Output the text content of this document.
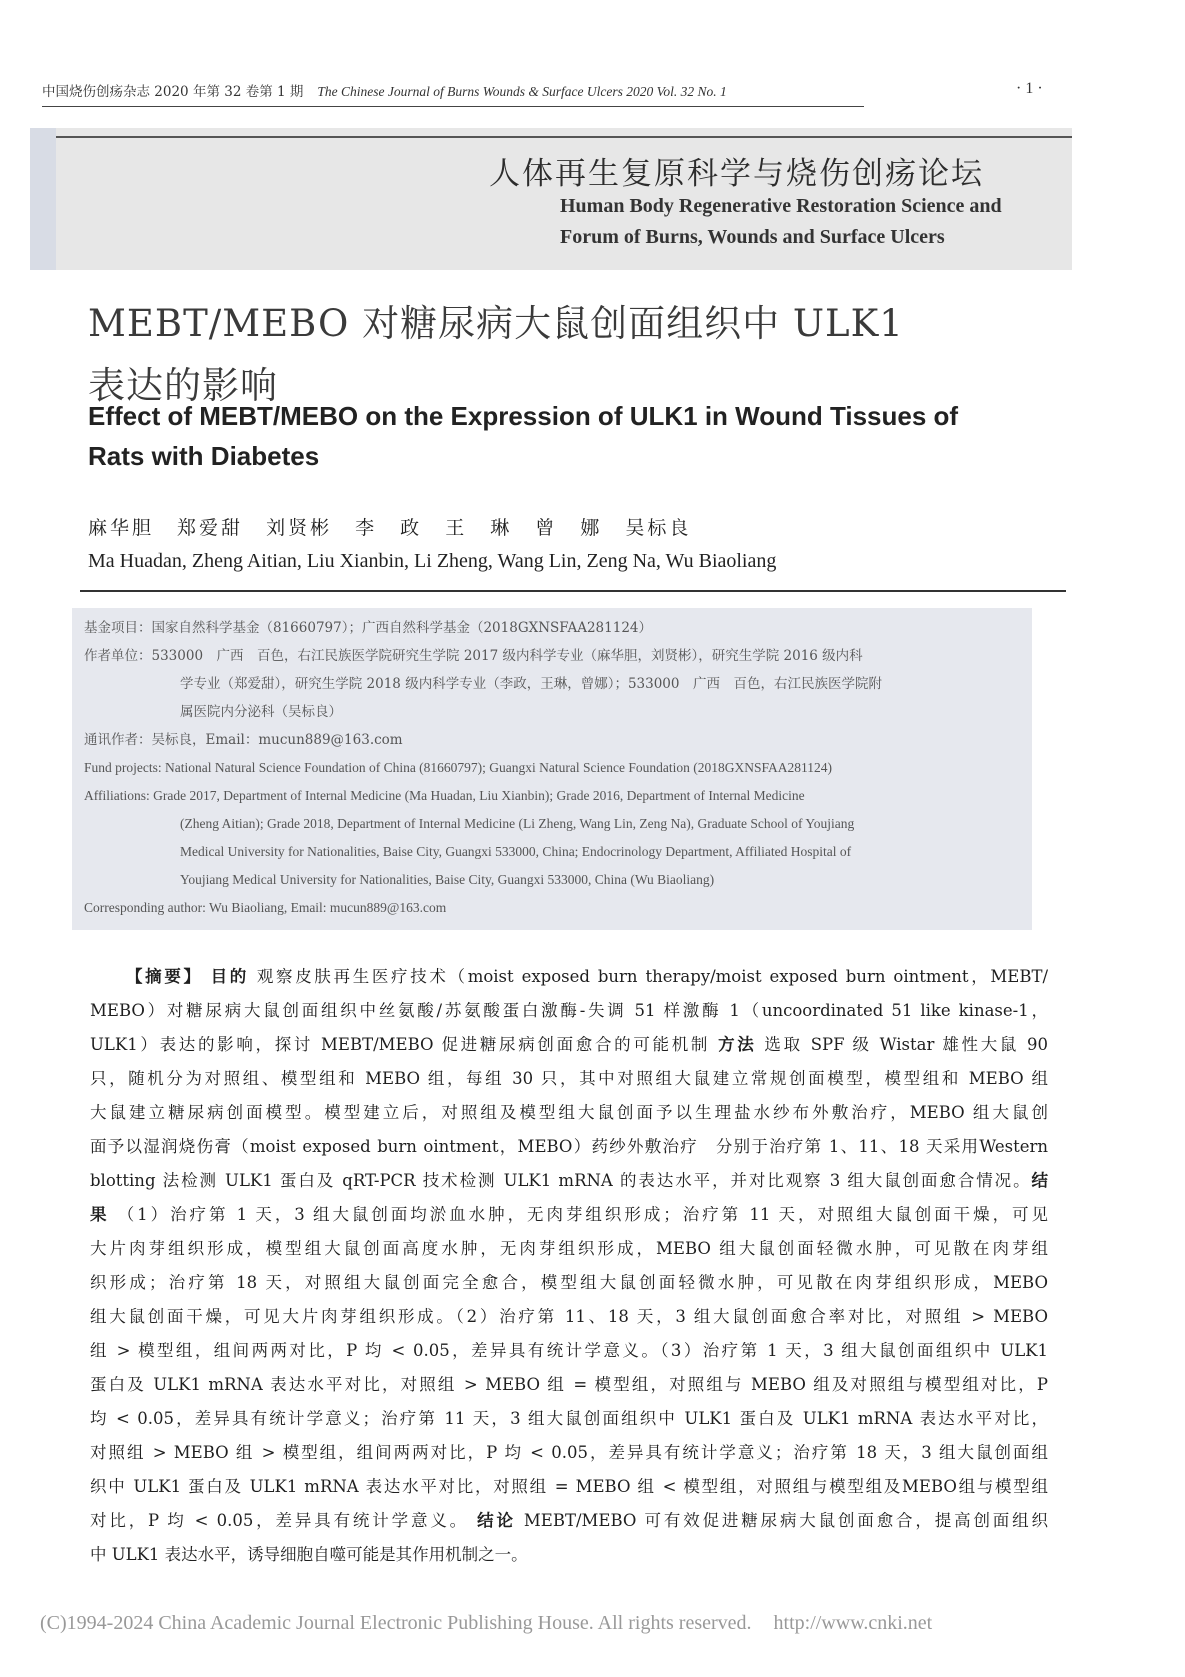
中国烧伤创疡杂志 2020 年第 32 卷第 1 期 The Chinese Journal of Burns Wounds & Surface Ulcers 2020 Vol. 32 No. 1	· 1 ·
人体再生复原科学与烧伤创疡论坛
Human Body Regenerative Restoration Science and
Forum of Burns, Wounds and Surface Ulcers
MEBT/MEBO 对糖尿病大鼠创面组织中 ULK1
表达的影响
Effect of MEBT/MEBO on the Expression of ULK1 in Wound Tissues of
Rats with Diabetes
麻华胆 郑爱甜 刘贤彬 李 政 王 琳 曾 娜 吴标良
Ma Huadan, Zheng Aitian, Liu Xianbin, Li Zheng, Wang Lin, Zeng Na, Wu Biaoliang
基金项目：国家自然科学基金（81660797）；广西自然科学基金（2018GXNSFAA281124）
作者单位：533000　广西　百色，右江民族医学院研究生学院 2017 级内科学专业（麻华胆，刘贤彬），研究生学院 2016 级内科
学专业（郑爱甜），研究生学院 2018 级内科学专业（李政，王琳，曾娜）；533000　广西　百色，右江民族医学院附
属医院内分泌科（吴标良）
通讯作者：吴标良，Email：mucun889@163.com
Fund projects: National Natural Science Foundation of China (81660797); Guangxi Natural Science Foundation (2018GXNSFAA281124)
Affiliations: Grade 2017, Department of Internal Medicine (Ma Huadan, Liu Xianbin); Grade 2016, Department of Internal Medicine
(Zheng Aitian); Grade 2018, Department of Internal Medicine (Li Zheng, Wang Lin, Zeng Na), Graduate School of Youjiang
Medical University for Nationalities, Baise City, Guangxi 533000, China; Endocrinology Department, Affiliated Hospital of
Youjiang Medical University for Nationalities, Baise City, Guangxi 533000, China (Wu Biaoliang)
Corresponding author: Wu Biaoliang, Email: mucun889@163.com
【摘要】 目的 观察皮肤再生医疗技术（moist exposed burn therapy/moist exposed burn ointment，MEBT/
MEBO）对糖尿病大鼠创面组织中丝氨酸/苏氨酸蛋白激酶-失调 51 样激酶 1（uncoordinated 51 like kinase-1，
ULK1）表达的影响，探讨 MEBT/MEBO 促进糖尿病创面愈合的可能机制 方法 选取 SPF 级 Wistar 雄性大鼠 90
只，随机分为对照组、模型组和 MEBO 组，每组 30 只，其中对照组大鼠建立常规创面模型，模型组和 MEBO 组
大鼠建立糖尿病创面模型。模型建立后，对照组及模型组大鼠创面予以生理盐水纱布外敷治疗，MEBO 组大鼠创
面予以湿润烧伤膏（moist exposed burn ointment，MEBO）药纱外敷治疗　分别于治疗第 1、11、18 天采用Western
blotting 法检测 ULK1 蛋白及 qRT-PCR 技术检测 ULK1 mRNA 的表达水平，并对比观察 3 组大鼠创面愈合情况。结
果 （1）治疗第 1 天，3 组大鼠创面均淤血水肿，无肉芽组织形成；治疗第 11 天，对照组大鼠创面干燥，可见
大片肉芽组织形成，模型组大鼠创面高度水肿，无肉芽组织形成，MEBO 组大鼠创面轻微水肿，可见散在肉芽组
织形成；治疗第 18 天，对照组大鼠创面完全愈合，模型组大鼠创面轻微水肿，可见散在肉芽组织形成，MEBO
组大鼠创面干燥，可见大片肉芽组织形成。（2）治疗第 11、18 天，3 组大鼠创面愈合率对比，对照组 > MEBO
组 > 模型组，组间两两对比，P 均 < 0.05，差异具有统计学意义。（3）治疗第 1 天，3 组大鼠创面组织中 ULK1
蛋白及 ULK1 mRNA 表达水平对比，对照组 > MEBO 组 = 模型组，对照组与 MEBO 组及对照组与模型组对比，P
均 < 0.05，差异具有统计学意义；治疗第 11 天，3 组大鼠创面组织中 ULK1 蛋白及 ULK1 mRNA 表达水平对比，
对照组 > MEBO 组 > 模型组，组间两两对比，P 均 < 0.05，差异具有统计学意义；治疗第 18 天，3 组大鼠创面组
织中 ULK1 蛋白及 ULK1 mRNA 表达水平对比，对照组 = MEBO 组 < 模型组，对照组与模型组及MEBO组与模型组
对比，P 均 < 0.05，差异具有统计学意义。 结论 MEBT/MEBO 可有效促进糖尿病大鼠创面愈合，提高创面组织
中 ULK1 表达水平，诱导细胞自噬可能是其作用机制之一。
(C)1994-2024 China Academic Journal Electronic Publishing House. All rights reserved. http://www.cnki.net
